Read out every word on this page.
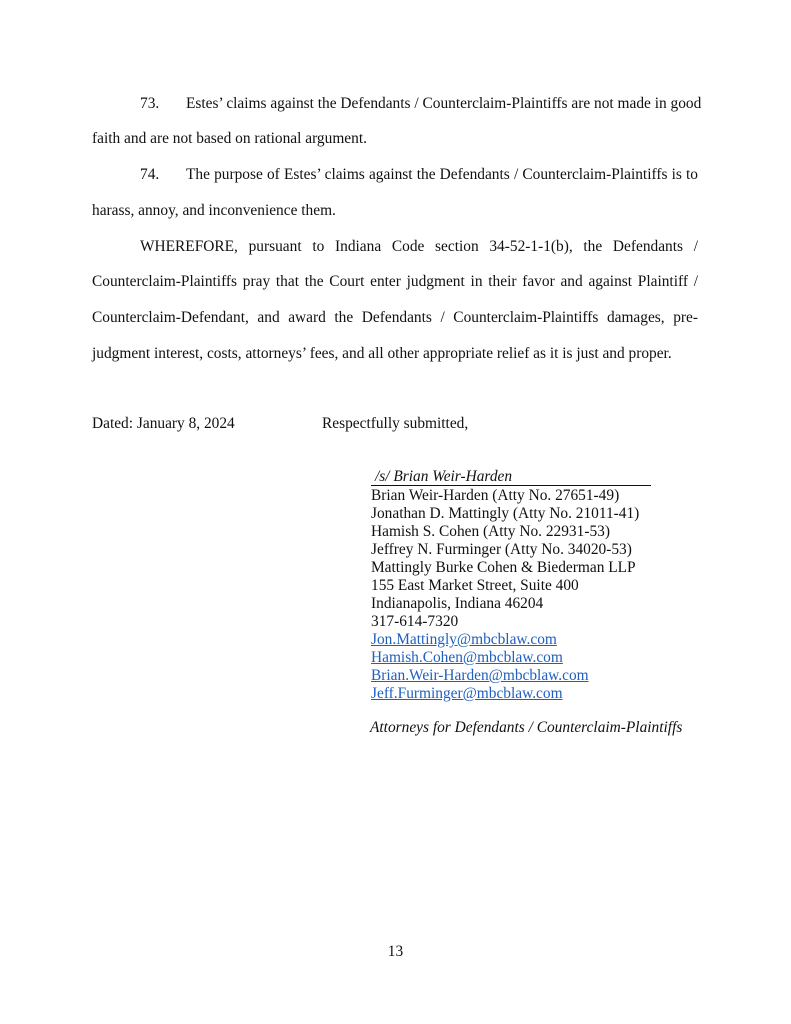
73. Estes’ claims against the Defendants / Counterclaim-Plaintiffs are not made in good
faith and are not based on rational argument.
74. The purpose of Estes’ claims against the Defendants / Counterclaim-Plaintiffs is to
harass, annoy, and inconvenience them.
WHEREFORE, pursuant to Indiana Code section 34-52-1-1(b), the Defendants /
Counterclaim-Plaintiffs pray that the Court enter judgment in their favor and against Plaintiff /
Counterclaim-Defendant, and award the Defendants / Counterclaim-Plaintiffs damages, pre-
judgment interest, costs, attorneys’ fees, and all other appropriate relief as it is just and proper.
Dated: January 8, 2024	Respectfully submitted,
/s/ Brian Weir-Harden
Brian Weir-Harden (Atty No. 27651-49)
Jonathan D. Mattingly (Atty No. 21011-41)
Hamish S. Cohen (Atty No. 22931-53)
Jeffrey N. Furminger (Atty No. 34020-53)
Mattingly Burke Cohen & Biederman LLP
155 East Market Street, Suite 400
Indianapolis, Indiana 46204
317-614-7320
Jon.Mattingly@mbcblaw.com
Hamish.Cohen@mbcblaw.com
Brian.Weir-Harden@mbcblaw.com
Jeff.Furminger@mbcblaw.com
Attorneys for Defendants / Counterclaim-Plaintiffs
13
